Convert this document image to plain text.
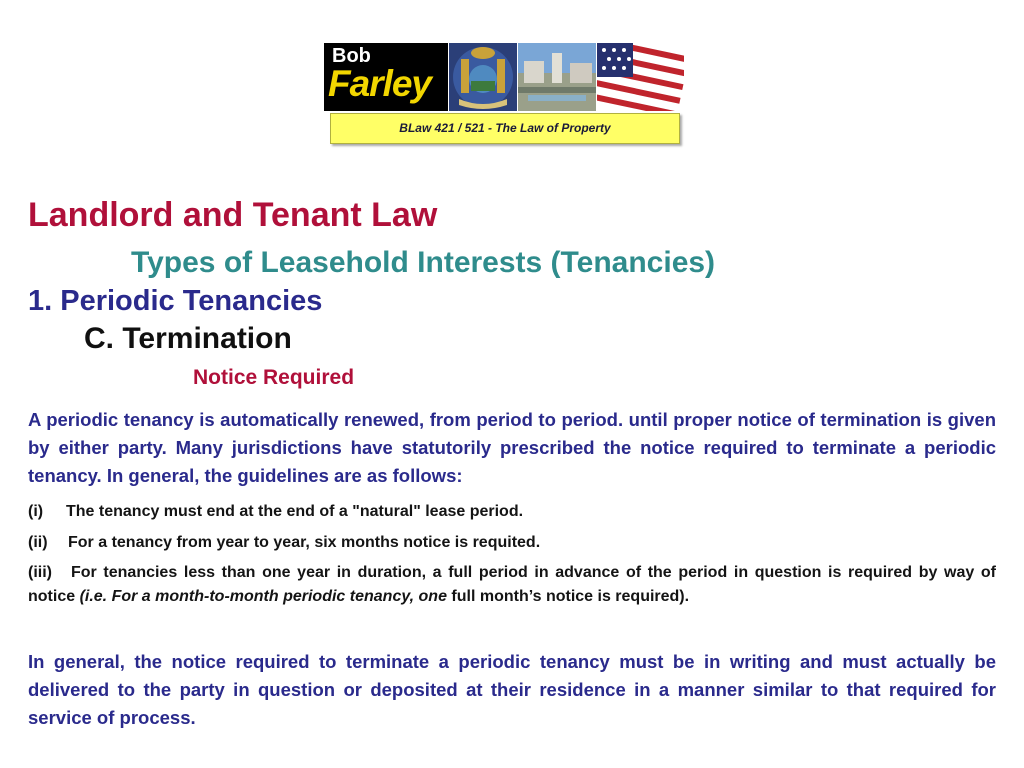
Bob
Farley
BLaw 421 / 521 - The Law of Property
Landlord and Tenant Law
Types of Leasehold Interests (Tenancies)
1. Periodic Tenancies
C. Termination
Notice Required
A periodic tenancy is automatically renewed, from period to period. until proper notice of termination is given by either party. Many jurisdictions have statutorily prescribed the notice required to terminate a periodic tenancy. In general, the guidelines are as follows:
(i) The tenancy must end at the end of a "natural" lease period.
(ii) For a tenancy from year to year, six months notice is requited.
(iii) For tenancies less than one year in duration, a full period in advance of the period in question is required by way of notice (i.e. For a month-to-month periodic tenancy, one full month’s notice is required).
In general, the notice required to terminate a periodic tenancy must be in writing and must actually be delivered to the party in question or deposited at their residence in a manner similar to that required for service of process.
